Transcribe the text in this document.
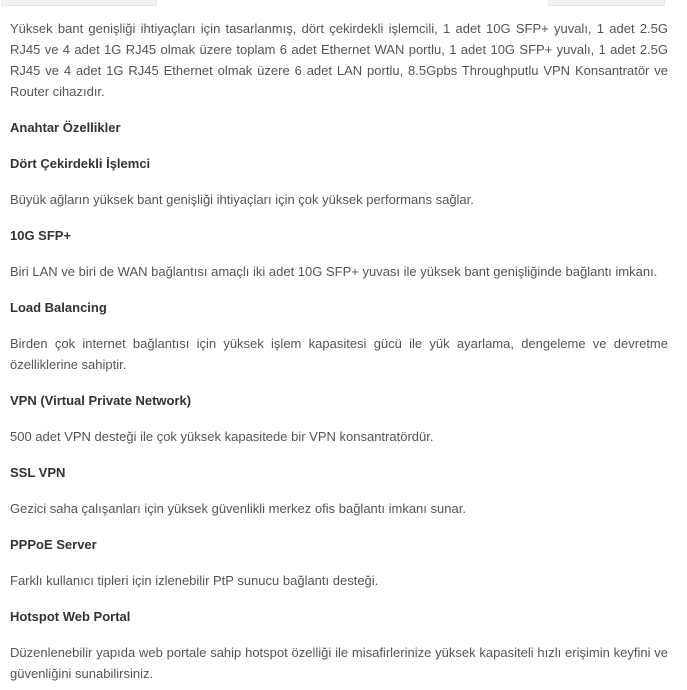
Yüksek bant genişliği ihtiyaçları için tasarlanmış, dört çekirdekli işlemcili, 1 adet 10G SFP+ yuvalı, 1 adet 2.5G RJ45 ve 4 adet 1G RJ45 olmak üzere toplam 6 adet Ethernet WAN portlu, 1 adet 10G SFP+ yuvalı, 1 adet 2.5G RJ45 ve 4 adet 1G RJ45 Ethernet olmak üzere 6 adet LAN portlu, 8.5Gpbs Throughputlu VPN Konsantratör ve Router cihazıdır.

Anahtar Özellikler

Dört Çekirdekli İşlemci

Büyük ağların yüksek bant genişliği ihtiyaçları için çok yüksek performans sağlar.

10G SFP+

Biri LAN ve biri de WAN bağlantısı amaçlı iki adet 10G SFP+ yuvası ile yüksek bant genişliğinde bağlantı imkanı.

Load Balancing

Birden çok internet bağlantısı için yüksek işlem kapasitesi gücü ile yük ayarlama, dengeleme ve devretme özelliklerine sahiptir.

VPN (Virtual Private Network)

500 adet VPN desteği ile çok yüksek kapasitede bir VPN konsantratördür.

SSL VPN

Gezici saha çalışanları için yüksek güvenlikli merkez ofis bağlantı imkanı sunar.

PPPoE Server

Farklı kullanıcı tipleri için izlenebilir PtP sunucu bağlantı desteği.

Hotspot Web Portal

Düzenlenebilir yapıda web portale sahip hotspot özelliği ile misafirlerinize yüksek kapasiteli hızlı erişimin keyfini ve güvenliğini sunabilirsiniz.
